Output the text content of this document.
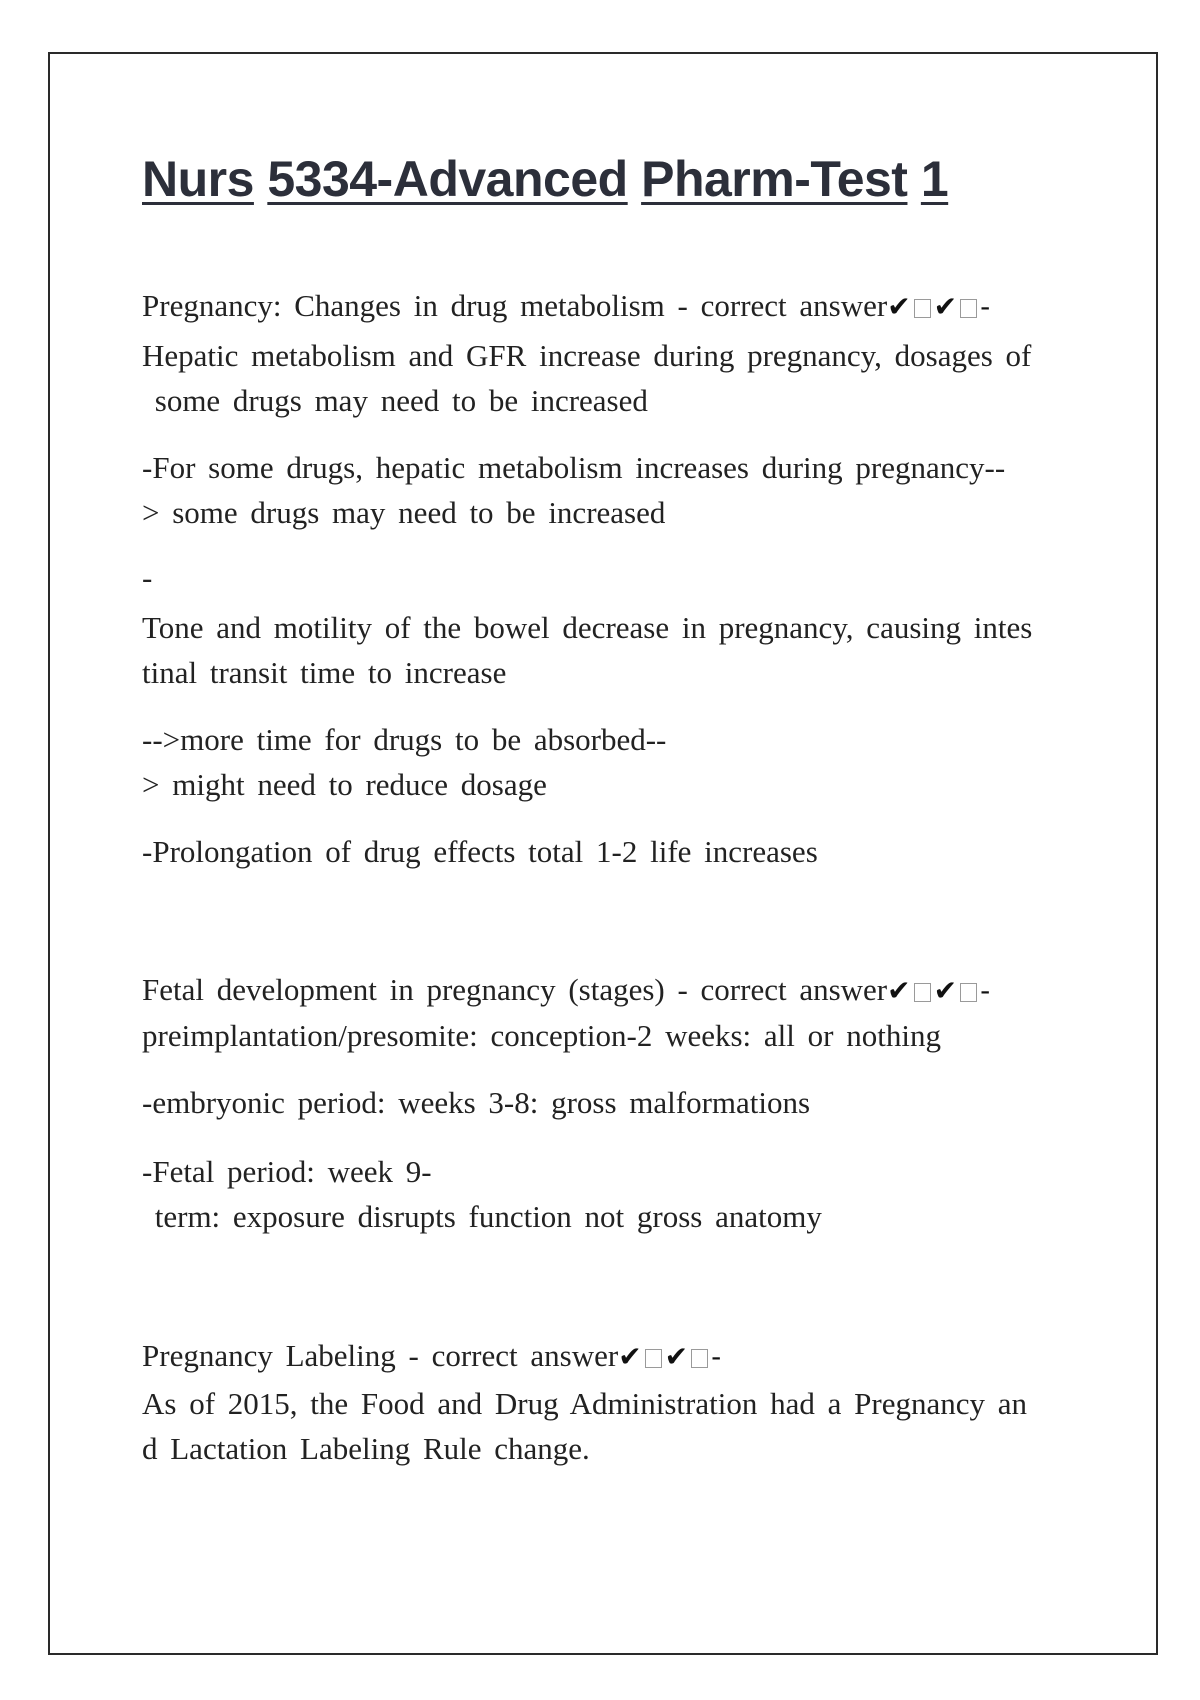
Nurs 5334-Advanced Pharm-Test 1

Pregnancy: Changes in drug metabolism - correct answer✔ ✔ -

Hepatic metabolism and GFR increase during pregnancy, dosages of

some drugs may need to be increased

-For some drugs, hepatic metabolism increases during pregnancy--

> some drugs may need to be increased

-

Tone and motility of the bowel decrease in pregnancy, causing intes

tinal transit time to increase

-->more time for drugs to be absorbed--

> might need to reduce dosage

-Prolongation of drug effects total 1-2 life increases

Fetal development in pregnancy (stages) - correct answer✔ ✔ -

preimplantation/presomite: conception-2 weeks: all or nothing

-embryonic period: weeks 3-8: gross malformations

-Fetal period: week 9-

term: exposure disrupts function not gross anatomy

Pregnancy Labeling - correct answer✔ ✔ -

As of 2015, the Food and Drug Administration had a Pregnancy an

d Lactation Labeling Rule change.
